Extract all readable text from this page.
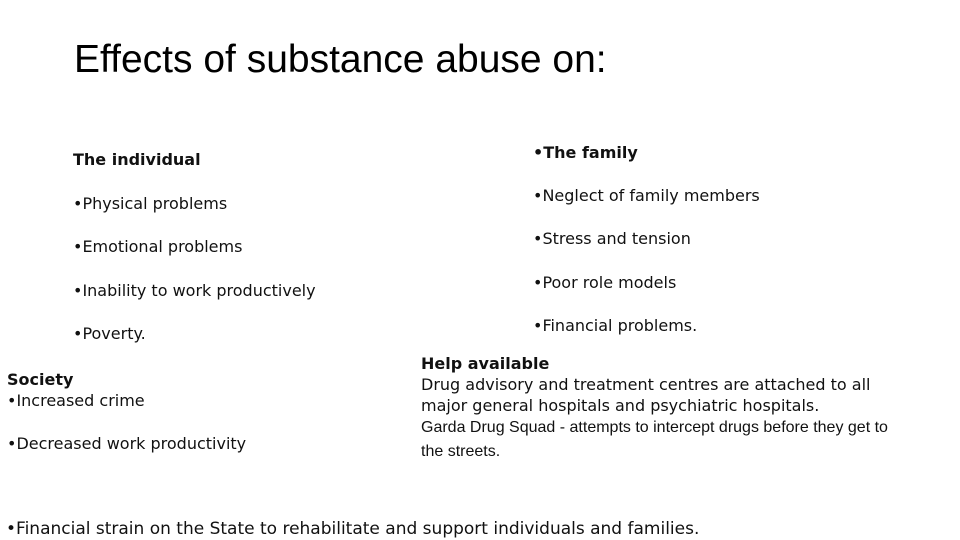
Effects of substance abuse on:
The individual
•Physical problems
•Emotional problems
•Inability to work productively
•Poverty.
•The family
•Neglect of family members
•Stress and tension
•Poor role models
•Financial problems.
Society
•Increased crime
•Decreased work productivity
Help available
Drug advisory and treatment centres are attached to all major general hospitals and psychiatric hospitals.
Garda Drug Squad - attempts to intercept drugs before they get to the streets.
•Financial strain on the State to rehabilitate and support individuals and families.
